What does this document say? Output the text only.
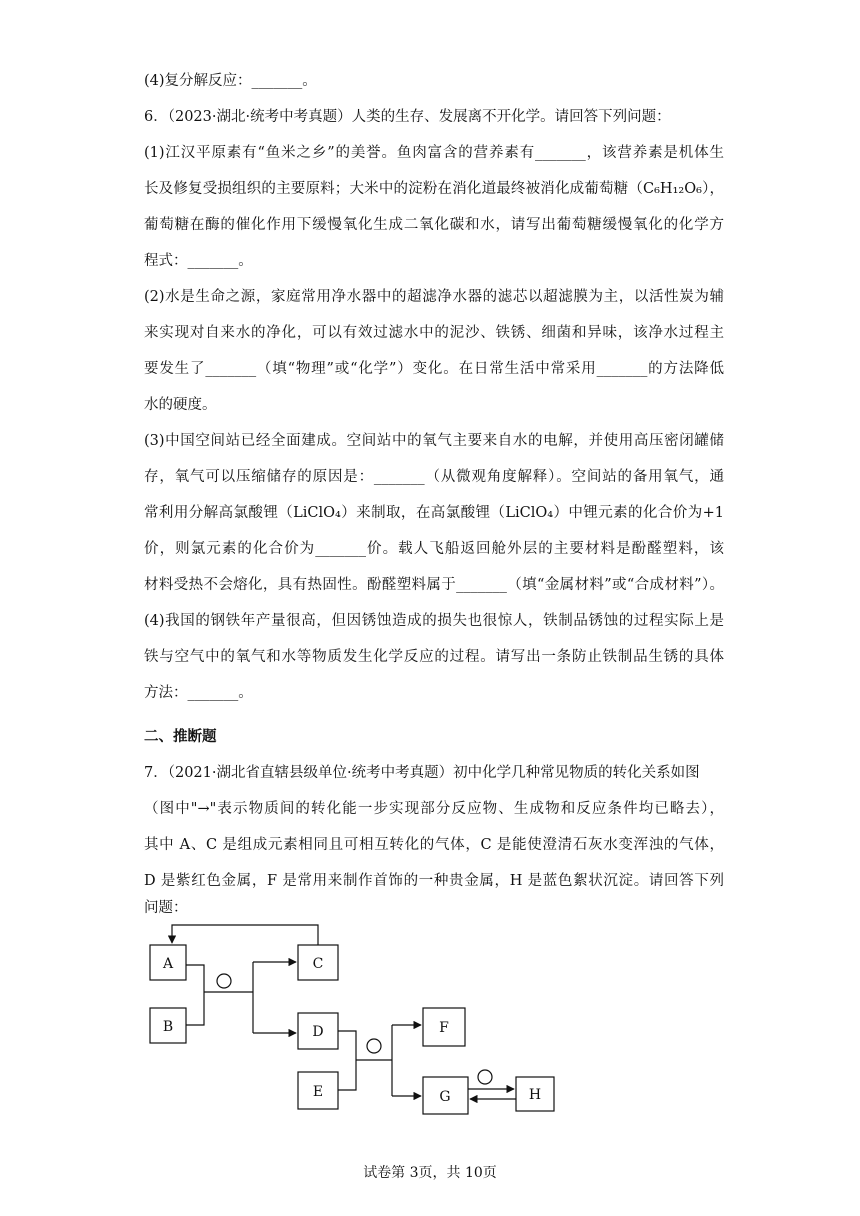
(4)复分解反应：_______。
6．（2023·湖北·统考中考真题）人类的生存、发展离不开化学。请回答下列问题：
(1)江汉平原素有“鱼米之乡”的美誉。鱼肉富含的营养素有_______，该营养素是机体生
长及修复受损组织的主要原料；大米中的淀粉在消化道最终被消化成葡萄糖（C₆H₁₂O₆），
葡萄糖在酶的催化作用下缓慢氧化生成二氧化碳和水，请写出葡萄糖缓慢氧化的化学方
程式：_______。
(2)水是生命之源，家庭常用净水器中的超滤净水器的滤芯以超滤膜为主，以活性炭为辅
来实现对自来水的净化，可以有效过滤水中的泥沙、铁锈、细菌和异味，该净水过程主
要发生了_______（填“物理”或“化学”）变化。在日常生活中常采用_______的方法降低
水的硬度。
(3)中国空间站已经全面建成。空间站中的氧气主要来自水的电解，并使用高压密闭罐储
存，氧气可以压缩储存的原因是：_______（从微观角度解释）。空间站的备用氧气，通
常利用分解高氯酸锂（LiClO₄）来制取，在高氯酸锂（LiClO₄）中锂元素的化合价为+1
价，则氯元素的化合价为_______价。载人飞船返回舱外层的主要材料是酚醛塑料，该
材料受热不会熔化，具有热固性。酚醛塑料属于_______（填“金属材料”或“合成材料”）。
(4)我国的钢铁年产量很高，但因锈蚀造成的损失也很惊人，铁制品锈蚀的过程实际上是
铁与空气中的氧气和水等物质发生化学反应的过程。请写出一条防止铁制品生锈的具体
方法：_______。
二、推断题
7．（2021·湖北省直辖县级单位·统考中考真题）初中化学几种常见物质的转化关系如图
（图中"→"表示物质间的转化能一步实现部分反应物、生成物和反应条件均已略去），
其中 A、C 是组成元素相同且可相互转化的气体，C 是能使澄清石灰水变浑浊的气体，
D 是紫红色金属，F 是常用来制作首饰的一种贵金属，H 是蓝色絮状沉淀。请回答下列
问题：
A
B
C
D
E
F
G	H
试卷第 3页，共 10页
